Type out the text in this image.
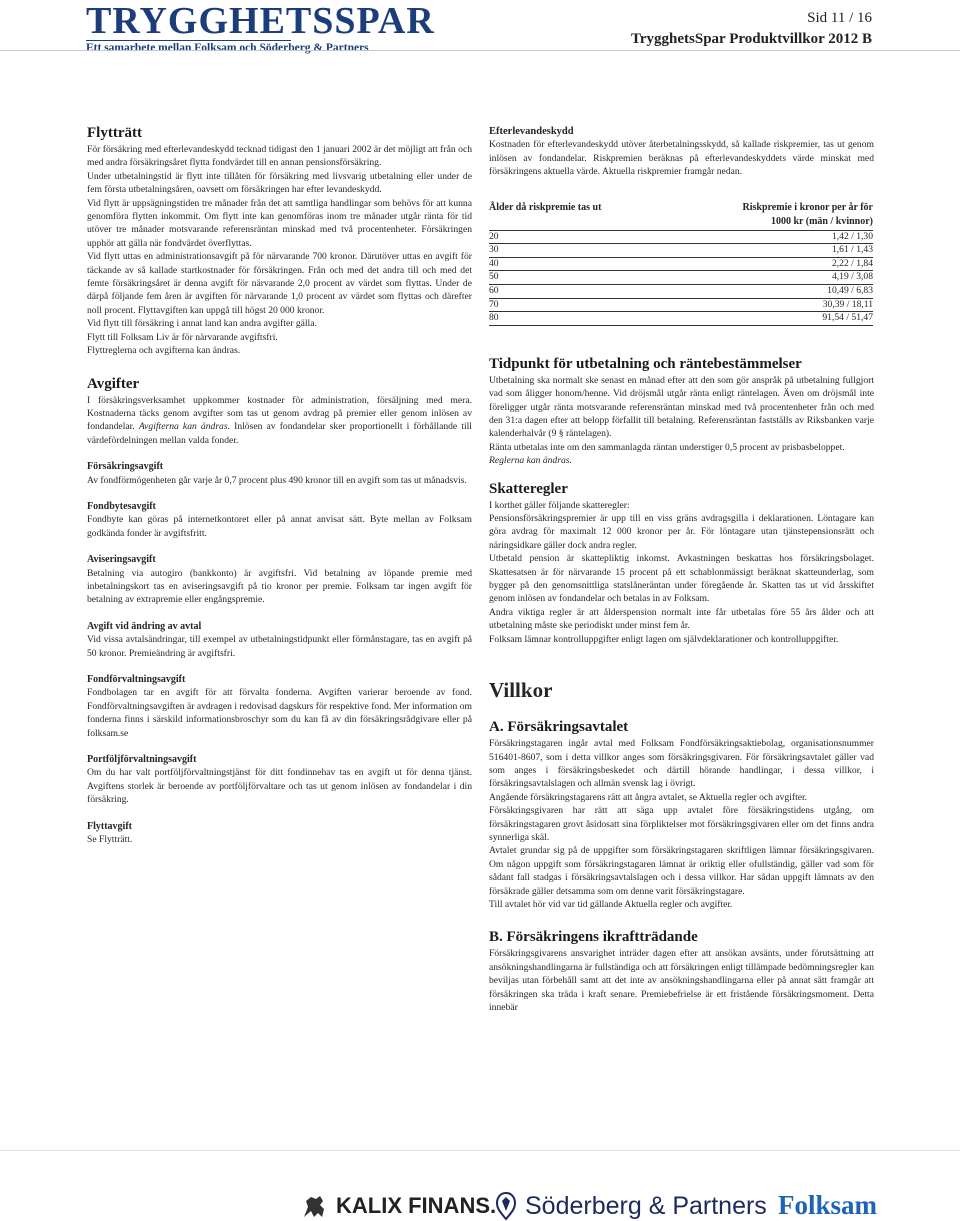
TRYGGHETSSPAR
Ett samarbete mellan Folksam och Söderberg & Partners
Sid 11 / 16
TrygghetsSpar Produktvillkor 2012 B
Flytträtt

För försäkring med efterlevandeskydd tecknad tidigast den 1 januari 2002 är det möjligt att från och med andra försäkringsåret flytta fondvärdet till en annan pensionsförsäkring.

Under utbetalningstid är flytt inte tillåten för försäkring med livsvarig utbetalning eller under de fem första utbetalningsåren, oavsett om försäkringen har efter levandeskydd.

Vid flytt är uppsägningstiden tre månader från det att samtliga handlingar som behövs för att kunna genomföra flytten inkommit. Om flytt inte kan genomföras inom tre månader utgår ränta för tid utöver tre månader motsvarande referensräntan minskad med två procentenheter. Försäkringen upphör att gälla när fondvärdet överflyttas.

Vid flytt uttas en administrationsavgift på för närvarande 700 kronor. Därutöver uttas en avgift för täckande av så kallade startkostnader för försäkringen. Från och med det andra till och med det femte försäkringsåret är denna avgift för närvarande 2,0 procent av värdet som flyttas. Under de därpå följande fem åren är avgiften för närvarande 1,0 procent av värdet som flyttas och därefter noll procent. Flyttavgiften kan uppgå till högst 20 000 kronor.

Vid flytt till försäkring i annat land kan andra avgifter gälla.

Flytt till Folksam Liv är för närvarande avgiftsfri.

Flyttreglerna och avgifterna kan ändras.

Avgifter

I försäkringsverksamhet uppkommer kostnader för administration, försäljning med mera. Kostnaderna täcks genom avgifter som tas ut genom avdrag på premier eller genom inlösen av fondandelar. Avgifterna kan ändras. Inlösen av fondandelar sker proportionellt i förhållande till värdefördelningen mellan valda fonder.

Försäkringsavgift

Av fondförmögenheten går varje år 0,7 procent plus 490 kronor till en avgift som tas ut månadsvis.

Fondbytesavgift

Fondbyte kan göras på internetkontoret eller på annat anvisat sätt. Byte mellan av Folksam godkända fonder är avgiftsfritt.

Aviseringsavgift

Betalning via autogiro (bankkonto) är avgiftsfri. Vid betalning av löpande premie med inbetalningskort tas en aviseringsavgift på tio kronor per premie. Folksam tar ingen avgift för betalning av extrapremie eller engångspremie.

Avgift vid ändring av avtal

Vid vissa avtalsändringar, till exempel av utbetalningstidpunkt eller förmånstagare, tas en avgift på 50 kronor. Premieändring är avgiftsfri.

Fondförvaltningsavgift

Fondbolagen tar en avgift för att förvalta fonderna. Avgiften varierar beroende av fond. Fondförvaltningsavgiften är avdragen i redovisad dagskurs för respektive fond. Mer information om fonderna finns i särskild informationsbroschyr som du kan få av din försäkringsrådgivare eller på folksam.se

Portföljförvaltningsavgift

Om du har valt portföljförvaltningstjänst för ditt fondinnehav tas en avgift ut för denna tjänst. Avgiftens storlek är beroende av portföljförvaltare och tas ut genom inlösen av fondandelar i din försäkring.

Flyttavgift

Se Flytträtt.

Efterlevandeskydd

Kostnaden för efterlevandeskydd utöver återbetalningsskydd, så kallade riskpremier, tas ut genom inlösen av fondandelar. Riskpremien beräknas på efterlevandeskyddets värde minskat med försäkringens aktuella värde. Aktuella riskpremier framgår nedan.

Ålder då riskpremie tas ut	Riskpremie i kronor per år för
1000 kr (män / kvinnor)
20	1,42 / 1,30
30	1,61 / 1,43
40	2,22 / 1,84
50	4,19 / 3,08
60	10,49 / 6,83
70	30,39 / 18,11
80	91,54 / 51,47
Tidpunkt för utbetalning och räntebestämmelser

Utbetalning ska normalt ske senast en månad efter att den som gör anspråk på utbetalning fullgjort vad som åligger honom/henne. Vid dröjsmål utgår ränta enligt räntelagen. Även om dröjsmål inte föreligger utgår ränta motsvarande referensräntan minskad med två procentenheter från och med den 31:a dagen efter att belopp förfallit till betalning. Referensräntan fastställs av Riksbanken varje kalenderhalvår (9 § räntelagen).

Ränta utbetalas inte om den sammanlagda räntan understiger 0,5 procent av prisbasbeloppet.

Reglerna kan ändras.

Skatteregler

I korthet gäller följande skatteregler:

Pensionsförsäkringspremier är upp till en viss gräns avdragsgilla i deklarationen. Löntagare kan göra avdrag för maximalt 12 000 kronor per år. För löntagare utan tjänstepensionsrätt och näringsidkare gäller dock andra regler.

Utbetald pension är skattepliktig inkomst. Avkastningen beskattas hos försäkringsbolaget. Skattesatsen är för närvarande 15 procent på ett schablonmässigt beräknat skatteunderlag, som bygger på den genomsnittliga statslåneräntan under föregående år. Skatten tas ut vid årsskiftet genom inlösen av fondandelar och betalas in av Folksam.

Andra viktiga regler är att ålderspension normalt inte får utbetalas före 55 års ålder och att utbetalning måste ske periodiskt under minst fem år.

Folksam lämnar kontrolluppgifter enligt lagen om självdeklarationer och kontrolluppgifter.

Villkor
A. Försäkringsavtalet

Försäkringstagaren ingår avtal med Folksam Fondförsäkringsaktiebolag, organisationsnummer 516401-8607, som i detta villkor anges som försäkringsgivaren. För försäkringsavtalet gäller vad som anges i försäkringsbeskedet och därtill hörande handlingar, i dessa villkor, i försäkringsavtalslagen och allmän svensk lag i övrigt.

Angående försäkringstagarens rätt att ångra avtalet, se Aktuella regler och avgifter.

Försäkringsgivaren har rätt att säga upp avtalet före försäkringstidens utgång, om försäkringstagaren grovt åsidosatt sina förpliktelser mot försäkringsgivaren eller om det finns andra synnerliga skäl.

Avtalet grundar sig på de uppgifter som försäkringstagaren skriftligen lämnar försäkringsgivaren. Om någon uppgift som försäkringstagaren lämnat är oriktig eller ofullständig, gäller vad som för sådant fall stadgas i försäkringsavtalslagen och i dessa villkor. Har sådan uppgift lämnats av den försäkrade gäller detsamma som om denne varit försäkringstagare.

Till avtalet hör vid var tid gällande Aktuella regler och avgifter.

B. Försäkringens ikraftträdande

Försäkringsgivarens ansvarighet inträder dagen efter att ansökan avsänts, under förutsättning att ansökningshandlingarna är fullständiga och att försäkringen enligt tillämpade bedömningsregler kan beviljas utan förbehåll samt att det inte av ansökningshandlingarna eller på annat sätt framgår att försäkringen ska träda i kraft senare. Premiebefrielse är ett fristående försäkringsmoment. Detta innebär

KALIX FINANS. Söderberg & Partners Folksam
